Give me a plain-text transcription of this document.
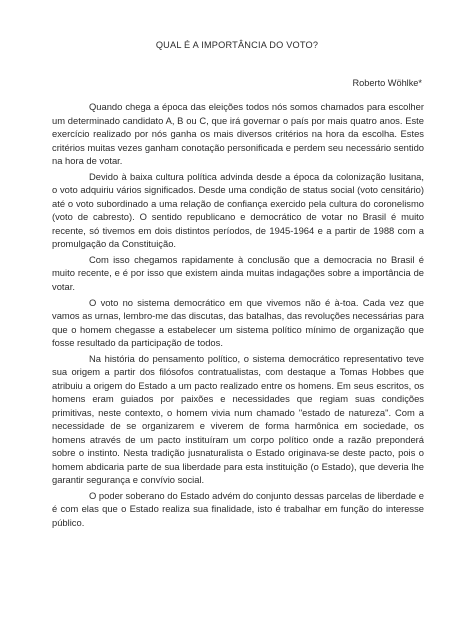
QUAL É A IMPORTÂNCIA DO VOTO?
Roberto Wöhlke*

Quando chega a época das eleições todos nós somos chamados para escolher um determinado candidato A, B ou C, que irá governar o país por mais quatro anos. Este exercício realizado por nós ganha os mais diversos critérios na hora da escolha. Estes critérios muitas vezes ganham conotação personificada e perdem seu necessário sentido na hora de votar.

Devido à baixa cultura política advinda desde a época da colonização lusitana, o voto adquiriu vários significados. Desde uma condição de status social (voto censitário) até o voto subordinado a uma relação de confiança exercido pela cultura do coronelismo (voto de cabresto). O sentido republicano e democrático de votar no Brasil é muito recente, só tivemos em dois distintos períodos, de 1945-1964 e a partir de 1988 com a promulgação da Constituição.

Com isso chegamos rapidamente à conclusão que a democracia no Brasil é muito recente, e é por isso que existem ainda muitas indagações sobre a importância de votar.

O voto no sistema democrático em que vivemos não é à-toa. Cada vez que vamos as urnas, lembro-me das discutas, das batalhas, das revoluções necessárias para que o homem chegasse a estabelecer um sistema político mínimo de organização que fosse resultado da participação de todos.

Na história do pensamento político, o sistema democrático representativo teve sua origem a partir dos filósofos contratualistas, com destaque a Tomas Hobbes que atribuiu a origem do Estado a um pacto realizado entre os homens. Em seus escritos, os homens eram guiados por paixões e necessidades que regiam suas condições primitivas, neste contexto, o homem vivia num chamado "estado de natureza". Com a necessidade de se organizarem e viverem de forma harmônica em sociedade, os homens através de um pacto instituíram um corpo político onde a razão preponderá sobre o instinto. Nesta tradição jusnaturalista o Estado originava-se deste pacto, pois o homem abdicaria parte de sua liberdade para esta instituição (o Estado), que deveria lhe garantir segurança e convívio social.

O poder soberano do Estado advém do conjunto dessas parcelas de liberdade e é com elas que o Estado realiza sua finalidade, isto é trabalhar em função do interesse público.
